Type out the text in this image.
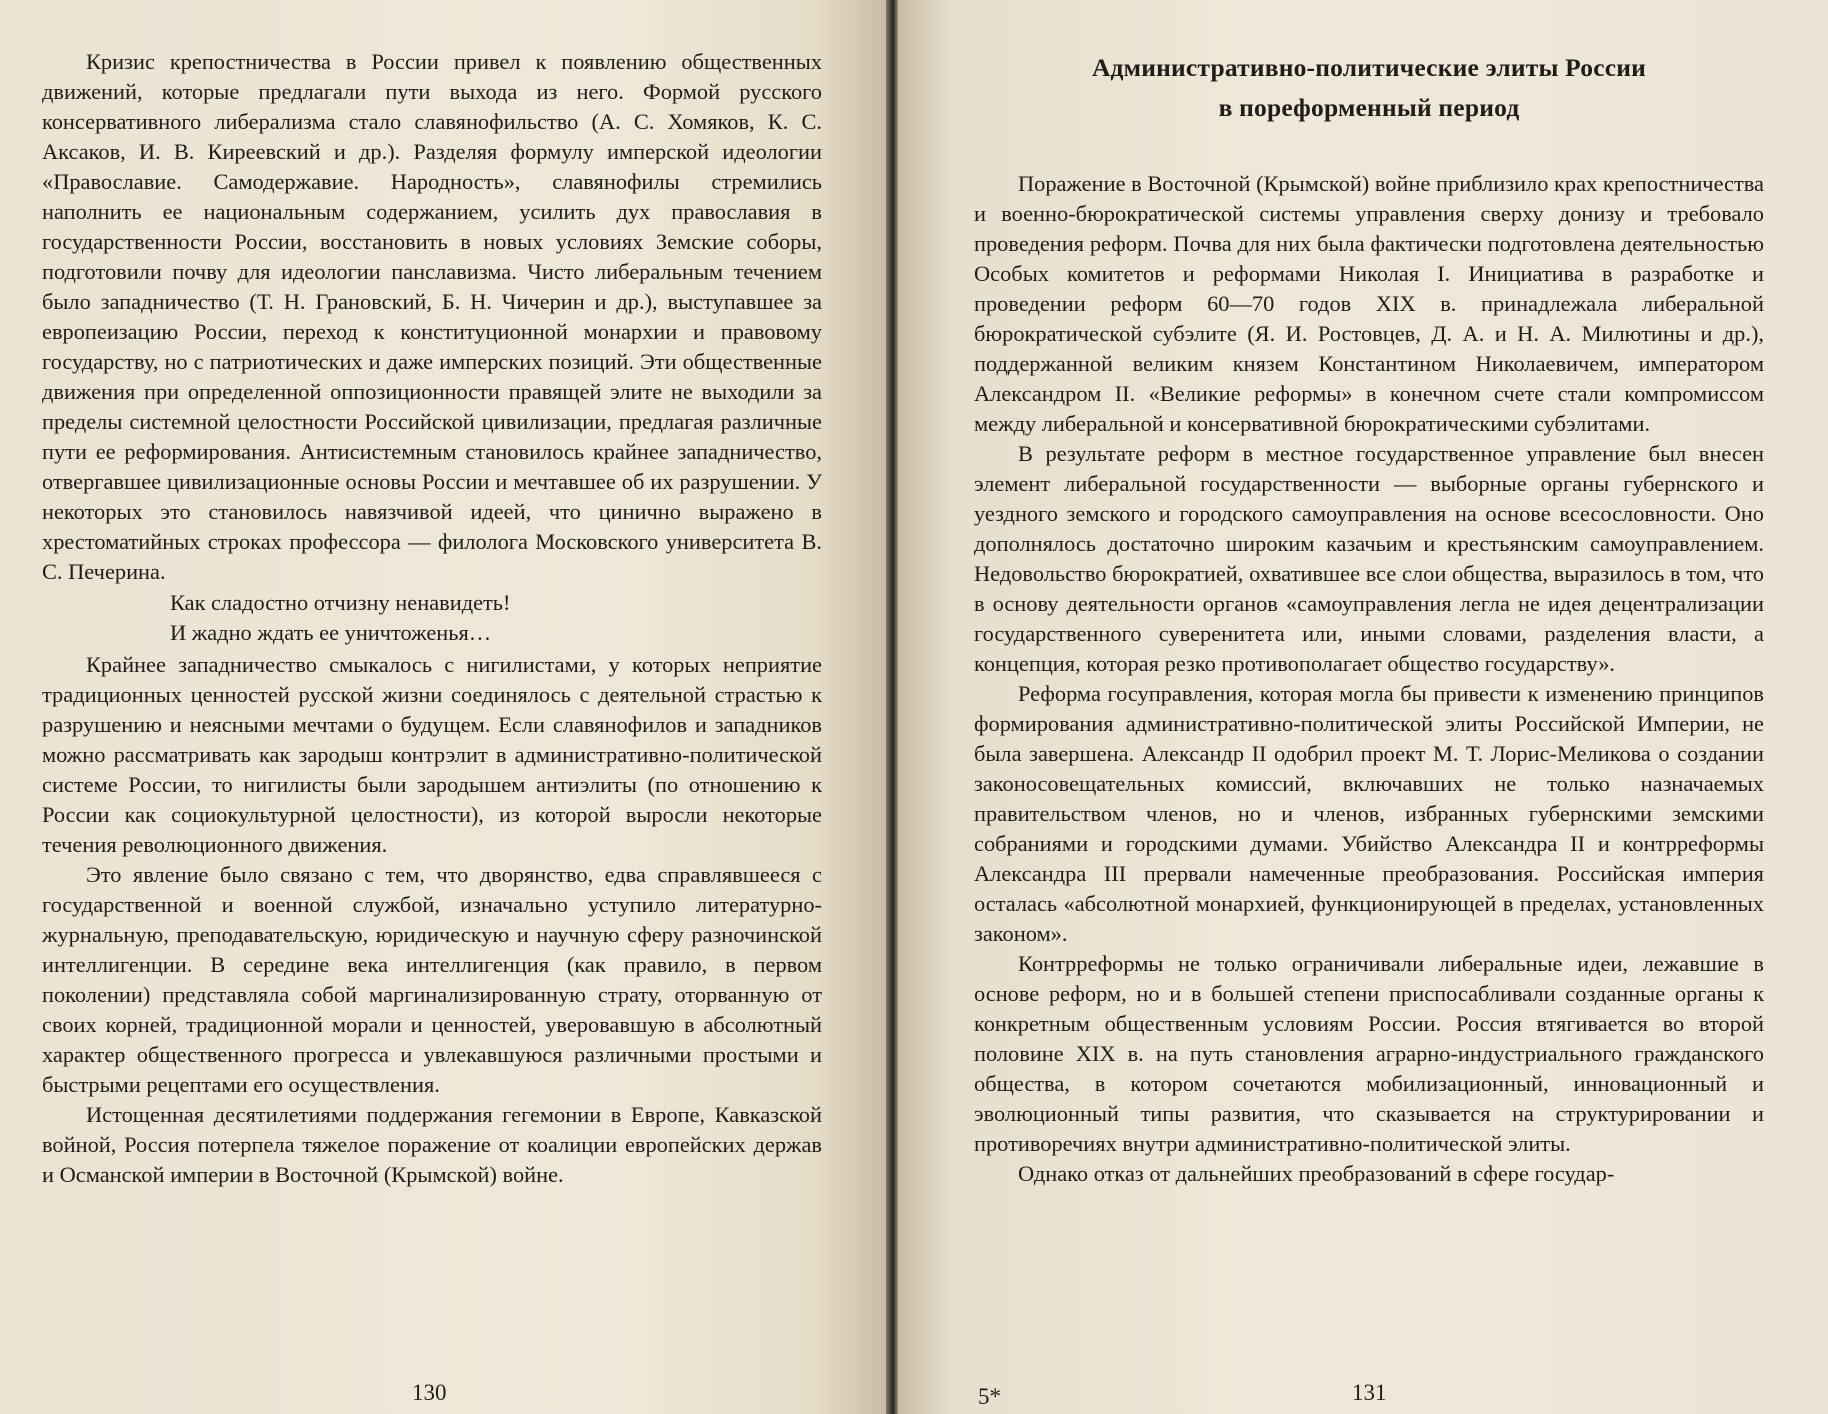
Кризис крепостничества в России привел к появлению общественных движений, которые предлагали пути выхода из него. Формой русского консервативного либерализма стало славянофильство (А. С. Хомяков, К. С. Аксаков, И. В. Киреевский и др.). Разделяя формулу имперской идеологии «Православие. Самодержавие. Народность», славянофилы стремились наполнить ее национальным содержанием, усилить дух православия в государственности России, восстановить в новых условиях Земские соборы, подготовили почву для идеологии панславизма. Чисто либеральным течением было западничество (Т. Н. Грановский, Б. Н. Чичерин и др.), выступавшее за европеизацию России, переход к конституционной монархии и правовому государству, но с патриотических и даже имперских позиций. Эти общественные движения при определенной оппозиционности правящей элите не выходили за пределы системной целостности Российской цивилизации, предлагая различные пути ее реформирования. Антисистемным становилось крайнее западничество, отвергавшее цивилизационные основы России и мечтавшее об их разрушении. У некоторых это становилось навязчивой идеей, что цинично выражено в хрестоматийных строках профессора — филолога Московского университета В. С. Печерина.

Как сладостно отчизну ненавидеть!
И жадно ждать ее уничтоженья…

Крайнее западничество смыкалось с нигилистами, у которых неприятие традиционных ценностей русской жизни соединялось с деятельной страстью к разрушению и неясными мечтами о будущем. Если славянофилов и западников можно рассматривать как зародыш контрэлит в административно-политической системе России, то нигилисты были зародышем антиэлиты (по отношению к России как социокультурной целостности), из которой выросли некоторые течения революционного движения.

Это явление было связано с тем, что дворянство, едва справлявшееся с государственной и военной службой, изначально уступило литературно-журнальную, преподавательскую, юридическую и научную сферу разночинской интеллигенции. В середине века интеллигенция (как правило, в первом поколении) представляла собой маргинализированную страту, оторванную от своих корней, традиционной морали и ценностей, уверовавшую в абсолютный характер общественного прогресса и увлекавшуюся различными простыми и быстрыми рецептами его осуществления.

Истощенная десятилетиями поддержания гегемонии в Европе, Кавказской войной, Россия потерпела тяжелое поражение от коалиции европейских держав и Османской империи в Восточной (Крымской) войне.

130
Административно-политические элиты России
в пореформенный период

Поражение в Восточной (Крымской) войне приблизило крах крепостничества и военно-бюрократической системы управления сверху донизу и требовало проведения реформ. Почва для них была фактически подготовлена деятельностью Особых комитетов и реформами Николая I. Инициатива в разработке и проведении реформ 60—70 годов XIX в. принадлежала либеральной бюрократической субэлите (Я. И. Ростовцев, Д. А. и Н. А. Милютины и др.), поддержанной великим князем Константином Николаевичем, императором Александром II. «Великие реформы» в конечном счете стали компромиссом между либеральной и консервативной бюрократическими субэлитами.

В результате реформ в местное государственное управление был внесен элемент либеральной государственности — выборные органы губернского и уездного земского и городского самоуправления на основе всесословности. Оно дополнялось достаточно широким казачьим и крестьянским самоуправлением. Недовольство бюрократией, охватившее все слои общества, выразилось в том, что в основу деятельности органов «самоуправления легла не идея децентрализации государственного суверенитета или, иными словами, разделения власти, а концепция, которая резко противополагает общество государству».

Реформа госуправления, которая могла бы привести к изменению принципов формирования административно-политической элиты Российской Империи, не была завершена. Александр II одобрил проект М. Т. Лорис-Меликова о создании законосовещательных комиссий, включавших не только назначаемых правительством членов, но и членов, избранных губернскими земскими собраниями и городскими думами. Убийство Александра II и контрреформы Александра III прервали намеченные преобразования. Российская империя осталась «абсолютной монархией, функционирующей в пределах, установленных законом».

Контрреформы не только ограничивали либеральные идеи, лежавшие в основе реформ, но и в большей степени приспосабливали созданные органы к конкретным общественным условиям России. Россия втягивается во второй половине XIX в. на путь становления аграрно-индустриального гражданского общества, в котором сочетаются мобилизационный, инновационный и эволюционный типы развития, что сказывается на структурировании и противоречиях внутри административно-политической элиты.

Однако отказ от дальнейших преобразований в сфере государ-

5*	131
